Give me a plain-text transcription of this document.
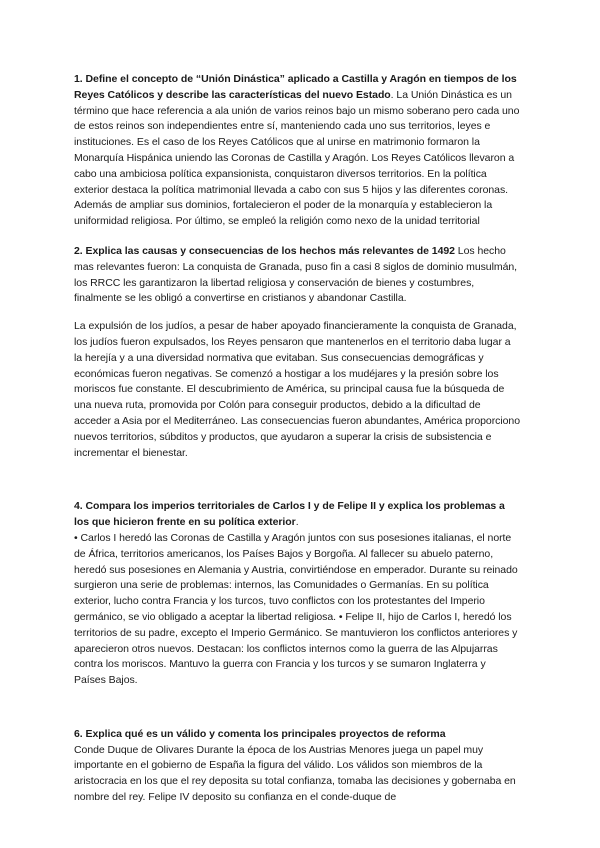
1. Define el concepto de “Unión Dinástica” aplicado a Castilla y Aragón en tiempos de los Reyes Católicos y describe las características del nuevo Estado. La Unión Dinástica es un término que hace referencia a ala unión de varios reinos bajo un mismo soberano pero cada uno de estos reinos son independientes entre sí, manteniendo cada uno sus territorios, leyes e instituciones. Es el caso de los Reyes Católicos que al unirse en matrimonio formaron la Monarquía Hispánica uniendo las Coronas de Castilla y Aragón. Los Reyes Católicos llevaron a cabo una ambiciosa política expansionista, conquistaron diversos territorios. En la política exterior destaca la política matrimonial llevada a cabo con sus 5 hijos y las diferentes coronas. Además de ampliar sus dominios, fortalecieron el poder de la monarquía y establecieron la uniformidad religiosa. Por último, se empleó la religión como nexo de la unidad territorial

2. Explica las causas y consecuencias de los hechos más relevantes de 1492 Los hecho mas relevantes fueron: La conquista de Granada, puso fin a casi 8 siglos de dominio musulmán, los RRCC les garantizaron la libertad religiosa y conservación de bienes y costumbres, finalmente se les obligó a convertirse en cristianos y abandonar Castilla.

La expulsión de los judíos, a pesar de haber apoyado financieramente la conquista de Granada, los judíos fueron expulsados, los Reyes pensaron que mantenerlos en el territorio daba lugar a la herejía y a una diversidad normativa que evitaban. Sus consecuencias demográficas y económicas fueron negativas. Se comenzó a hostigar a los mudéjares y la presión sobre los moriscos fue constante. El descubrimiento de América, su principal causa fue la búsqueda de una nueva ruta, promovida por Colón para conseguir productos, debido a la dificultad de acceder a Asia por el Mediterráneo. Las consecuencias fueron abundantes, América proporciono nuevos territorios, súbditos y productos, que ayudaron a superar la crisis de subsistencia e incrementar el bienestar.

4. Compara los imperios territoriales de Carlos I y de Felipe II y explica los problemas a los que hicieron frente en su política exterior.
• Carlos I heredó las Coronas de Castilla y Aragón juntos con sus posesiones italianas, el norte de África, territorios americanos, los Países Bajos y Borgoña. Al fallecer su abuelo paterno, heredó sus posesiones en Alemania y Austria, convirtiéndose en emperador. Durante su reinado surgieron una serie de problemas: internos, las Comunidades o Germanías. En su política exterior, lucho contra Francia y los turcos, tuvo conflictos con los protestantes del Imperio germánico, se vio obligado a aceptar la libertad religiosa. • Felipe II, hijo de Carlos I, heredó los territorios de su padre, excepto el Imperio Germánico. Se mantuvieron los conflictos anteriores y aparecieron otros nuevos. Destacan: los conflictos internos como la guerra de las Alpujarras contra los moriscos. Mantuvo la guerra con Francia y los turcos y se sumaron Inglaterra y Países Bajos.

6. Explica qué es un válido y comenta los principales proyectos de reforma
Conde Duque de Olivares Durante la época de los Austrias Menores juega un papel muy importante en el gobierno de España la figura del válido. Los válidos son miembros de la aristocracia en los que el rey deposita su total confianza, tomaba las decisiones y gobernaba en nombre del rey. Felipe IV deposito su confianza en el conde-duque de
